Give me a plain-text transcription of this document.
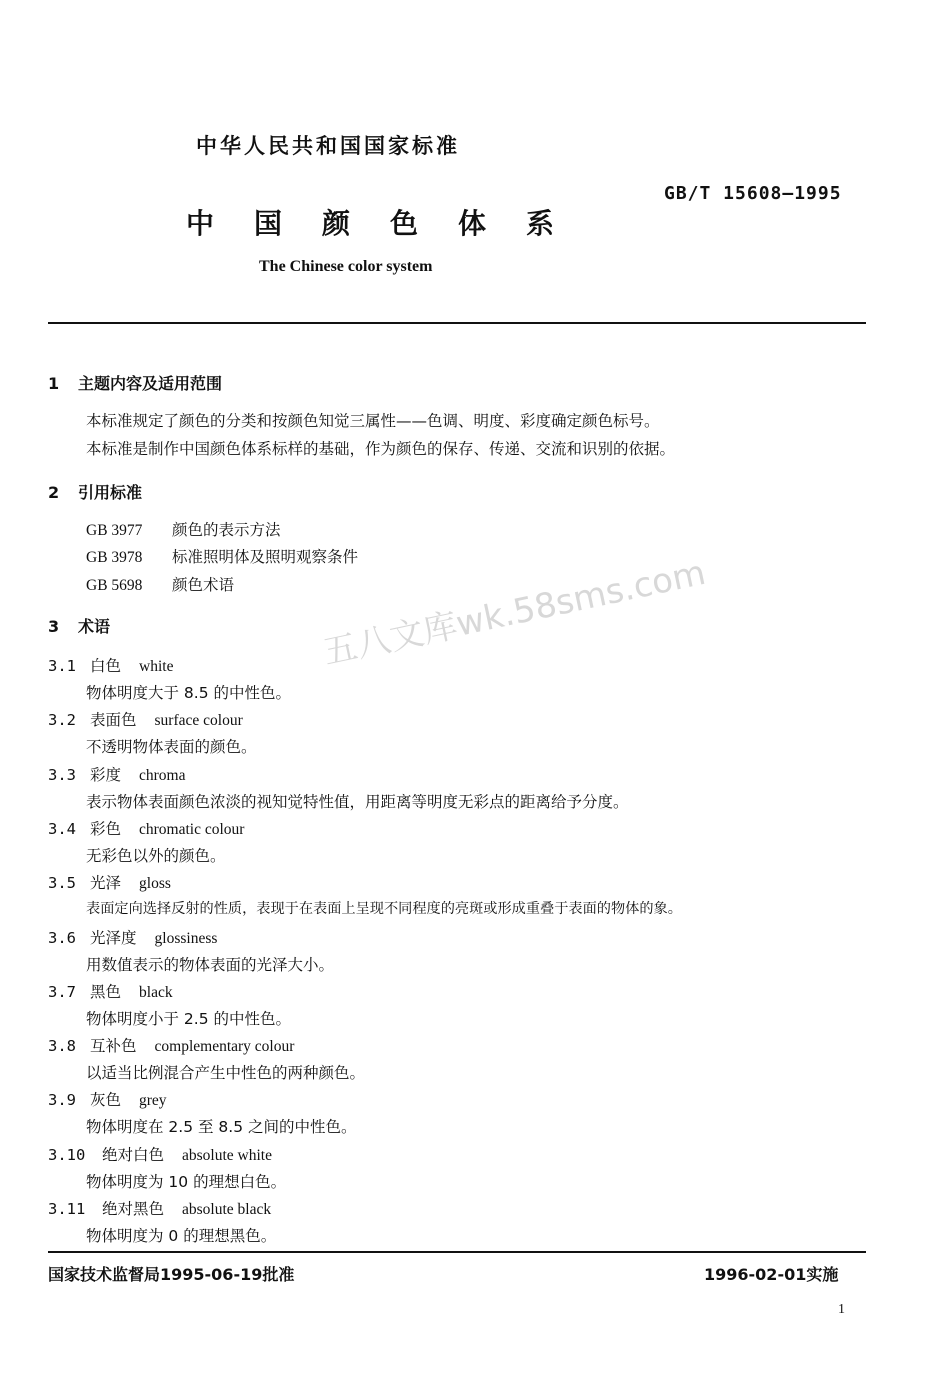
中华人民共和国国家标准
GB/T 15608—1995
中国颜色体系
The Chinese color system
五八文库wk.58sms.com
1 主题内容及适用范围
本标准规定了颜色的分类和按颜色知觉三属性——色调、明度、彩度确定颜色标号。
本标准是制作中国颜色体系标样的基础，作为颜色的保存、传递、交流和识别的依据。
2 引用标准
GB 3977 颜色的表示方法
GB 3978 标准照明体及照明观察条件
GB 5698 颜色术语
3 术语
3.1 白色 white
物体明度大于 8.5 的中性色。
3.2 表面色 surface colour
不透明物体表面的颜色。
3.3 彩度 chroma
表示物体表面颜色浓淡的视知觉特性值，用距离等明度无彩点的距离给予分度。
3.4 彩色 chromatic colour
无彩色以外的颜色。
3.5 光泽 gloss
表面定向选择反射的性质，表现于在表面上呈现不同程度的亮斑或形成重叠于表面的物体的象。
3.6 光泽度 glossiness
用数值表示的物体表面的光泽大小。
3.7 黑色 black
物体明度小于 2.5 的中性色。
3.8 互补色 complementary colour
以适当比例混合产生中性色的两种颜色。
3.9 灰色 grey
物体明度在 2.5 至 8.5 之间的中性色。
3.10 绝对白色 absolute white
物体明度为 10 的理想白色。
3.11 绝对黑色 absolute black
物体明度为 0 的理想黑色。
国家技术监督局1995-06-19批准	1996-02-01实施
1
